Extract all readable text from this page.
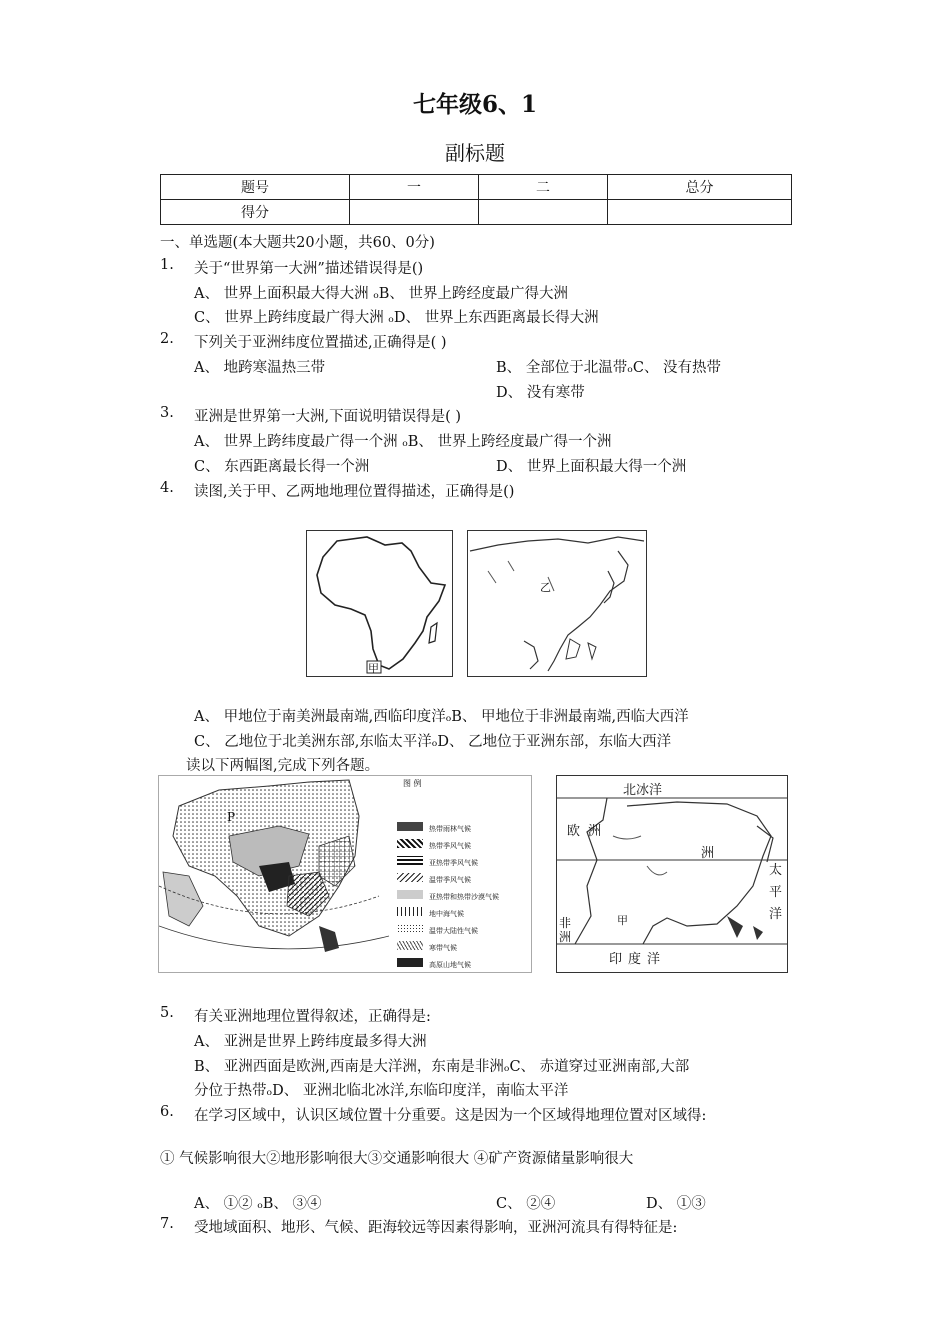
七年级6、1
副标题
题号	一	二	总分
得分			
一、单选题(本大题共20小题，共60、0分)
1. 关于“世界第一大洲”描述错误得是()
A、 世界上面积最大得大洲 ₒB、 世界上跨经度最广得大洲
C、 世界上跨纬度最广得大洲 ₒD、 世界上东西距离最长得大洲
2. 下列关于亚洲纬度位置描述,正确得是( )
A、 地跨寒温热三带	B、 全部位于北温带ₒC、 没有热带
D、 没有寒带
3. 亚洲是世界第一大洲,下面说明错误得是( )
A、 世界上跨纬度最广得一个洲 ₒB、 世界上跨经度最广得一个洲
C、 东西距离最长得一个洲	D、 世界上面积最大得一个洲
4. 读图,关于甲、乙两地地理位置得描述，正确得是()
甲
乙
A、 甲地位于南美洲最南端,西临印度洋ₒB、 甲地位于非洲最南端,西临大西洋
C、 乙地位于北美洲东部,东临太平洋ₒD、 乙地位于亚洲东部，东临大西洋
读以下两幅图,完成下列各题。
P
图 例
热带雨林气候
热带季风气候
亚热带季风气候
温带季风气候
亚热带和热带沙漠气候
地中海气候
温带大陆性气候
寒带气候
高原山地气候
北冰洋
欧洲
洲
太平洋
非洲
甲
印度洋
5. 有关亚洲地理位置得叙述，正确得是:
A、 亚洲是世界上跨纬度最多得大洲
B、 亚洲西面是欧洲,西南是大洋洲，东南是非洲ₒC、 赤道穿过亚洲南部,大部
分位于热带ₒD、 亚洲北临北冰洋,东临印度洋，南临太平洋
6. 在学习区域中，认识区域位置十分重要。这是因为一个区域得地理位置对区域得:
① 气候影响很大②地形影响很大③交通影响很大 ④矿产资源储量影响很大
A、 ①② ₒB、 ③④	C、 ②④	D、 ①③
7. 受地域面积、地形、气候、距海较远等因素得影响，亚洲河流具有得特征是:
